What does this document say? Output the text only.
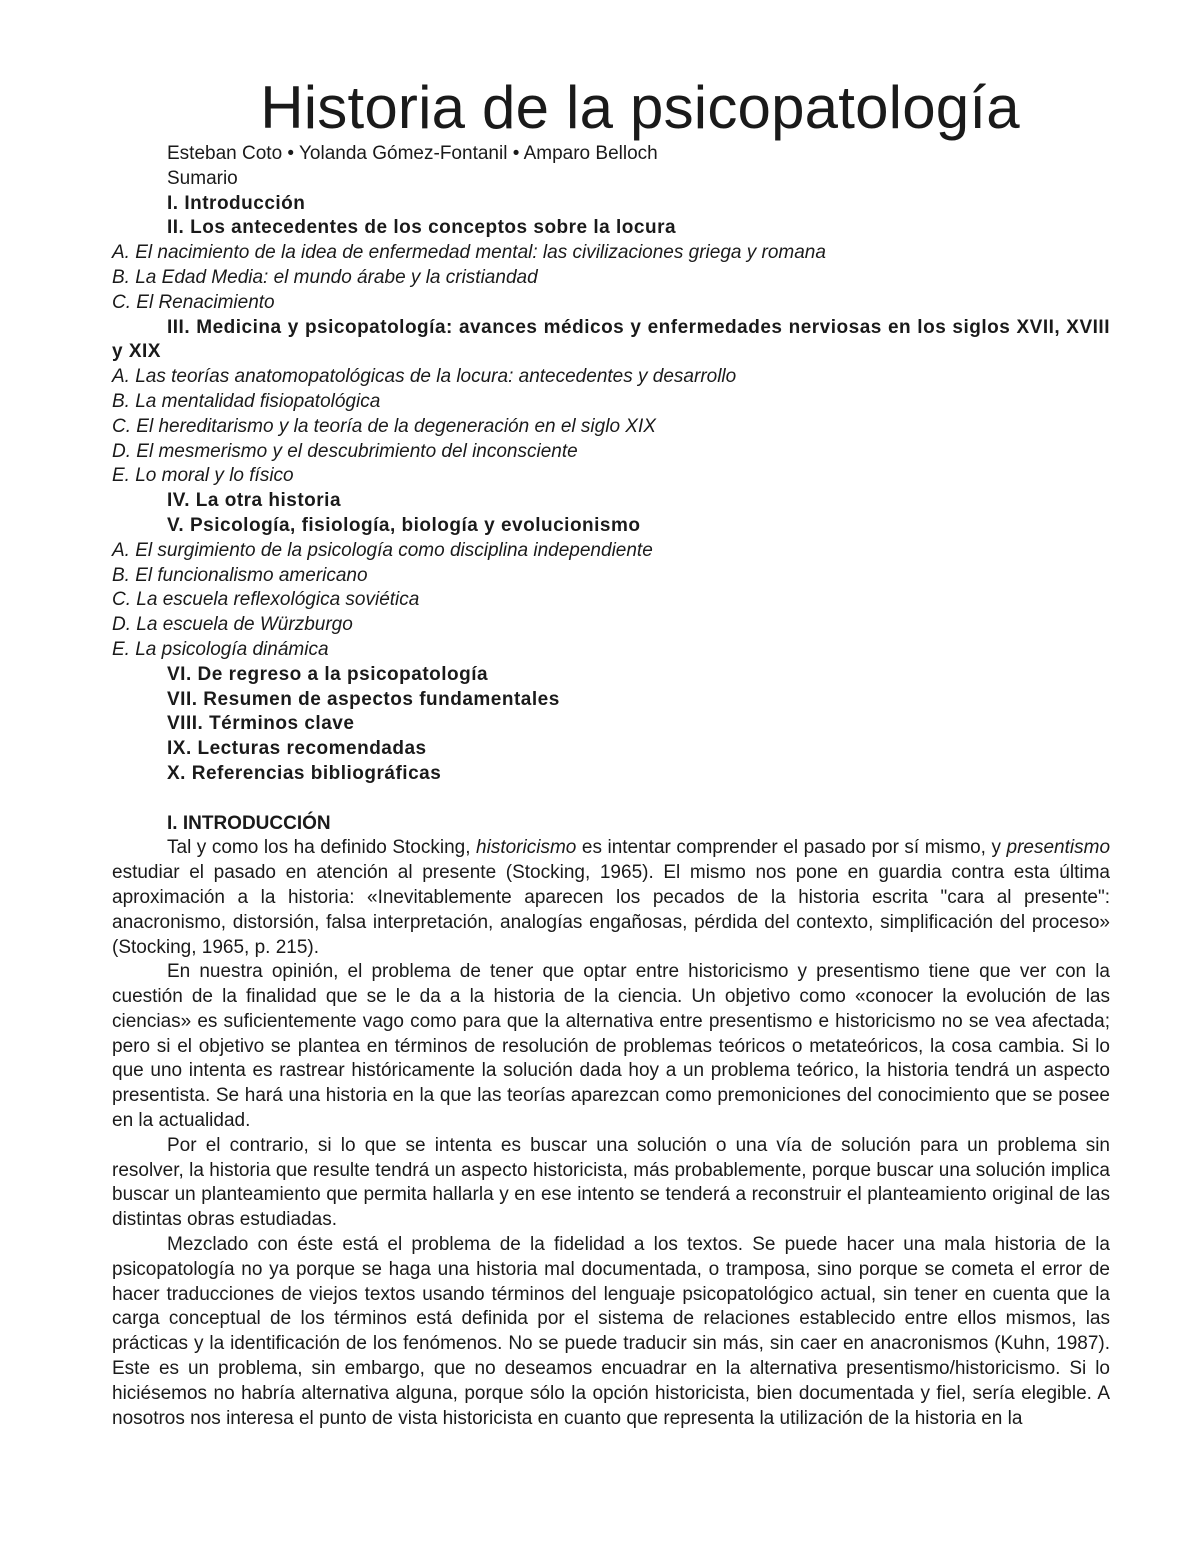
Historia de la psicopatología
Esteban Coto • Yolanda Gómez-Fontanil • Amparo Belloch
Sumario
I. Introducción
II. Los antecedentes de los conceptos sobre la locura
A. El nacimiento de la idea de enfermedad mental: las civilizaciones griega y romana
B. La Edad Media: el mundo árabe y la cristiandad
C. El Renacimiento
III. Medicina y psicopatología: avances médicos y enfermedades nerviosas en los siglos XVII, XVIII y XIX
A. Las teorías anatomopatológicas de la locura: antecedentes y desarrollo
B. La mentalidad fisiopatológica
C. El hereditarismo y la teoría de la degeneración en el siglo XIX
D. El mesmerismo y el descubrimiento del inconsciente
E. Lo moral y lo físico
IV. La otra historia
V. Psicología, fisiología, biología y evolucionismo
A. El surgimiento de la psicología como disciplina independiente
B. El funcionalismo americano
C. La escuela reflexológica soviética
D. La escuela de Würzburgo
E. La psicología dinámica
VI. De regreso a la psicopatología
VII. Resumen de aspectos fundamentales
VIII. Términos clave
IX. Lecturas recomendadas
X. Referencias bibliográficas
I. INTRODUCCIÓN

Tal y como los ha definido Stocking, historicismo es intentar comprender el pasado por sí mismo, y presentismo estudiar el pasado en atención al presente (Stocking, 1965). El mismo nos pone en guardia contra esta última aproximación a la historia: «Inevitablemente aparecen los pecados de la historia escrita "cara al presente": anacronismo, distorsión, falsa interpretación, analogías engañosas, pérdida del contexto, simplificación del proceso» (Stocking, 1965, p. 215).

En nuestra opinión, el problema de tener que optar entre historicismo y presentismo tiene que ver con la cuestión de la finalidad que se le da a la historia de la ciencia. Un objetivo como «conocer la evolución de las ciencias» es suficientemente vago como para que la alternativa entre presentismo e historicismo no se vea afectada; pero si el objetivo se plantea en términos de resolución de problemas teóricos o metateóricos, la cosa cambia. Si lo que uno intenta es rastrear históricamente la solución dada hoy a un problema teórico, la historia tendrá un aspecto presentista. Se hará una historia en la que las teorías aparezcan como premoniciones del conocimiento que se posee en la actualidad.

Por el contrario, si lo que se intenta es buscar una solución o una vía de solución para un problema sin resolver, la historia que resulte tendrá un aspecto historicista, más probablemente, porque buscar una solución implica buscar un planteamiento que permita hallarla y en ese intento se tenderá a reconstruir el planteamiento original de las distintas obras estudiadas.

Mezclado con éste está el problema de la fidelidad a los textos. Se puede hacer una mala historia de la psicopatología no ya porque se haga una historia mal documentada, o tramposa, sino porque se cometa el error de hacer traducciones de viejos textos usando términos del lenguaje psicopatológico actual, sin tener en cuenta que la carga conceptual de los términos está definida por el sistema de relaciones establecido entre ellos mismos, las prácticas y la identificación de los fenómenos. No se puede traducir sin más, sin caer en anacronismos (Kuhn, 1987). Este es un problema, sin embargo, que no deseamos encuadrar en la alternativa presentismo/historicismo. Si lo hiciésemos no habría alternativa alguna, porque sólo la opción historicista, bien documentada y fiel, sería elegible. A nosotros nos interesa el punto de vista historicista en cuanto que representa la utilización de la historia en la
